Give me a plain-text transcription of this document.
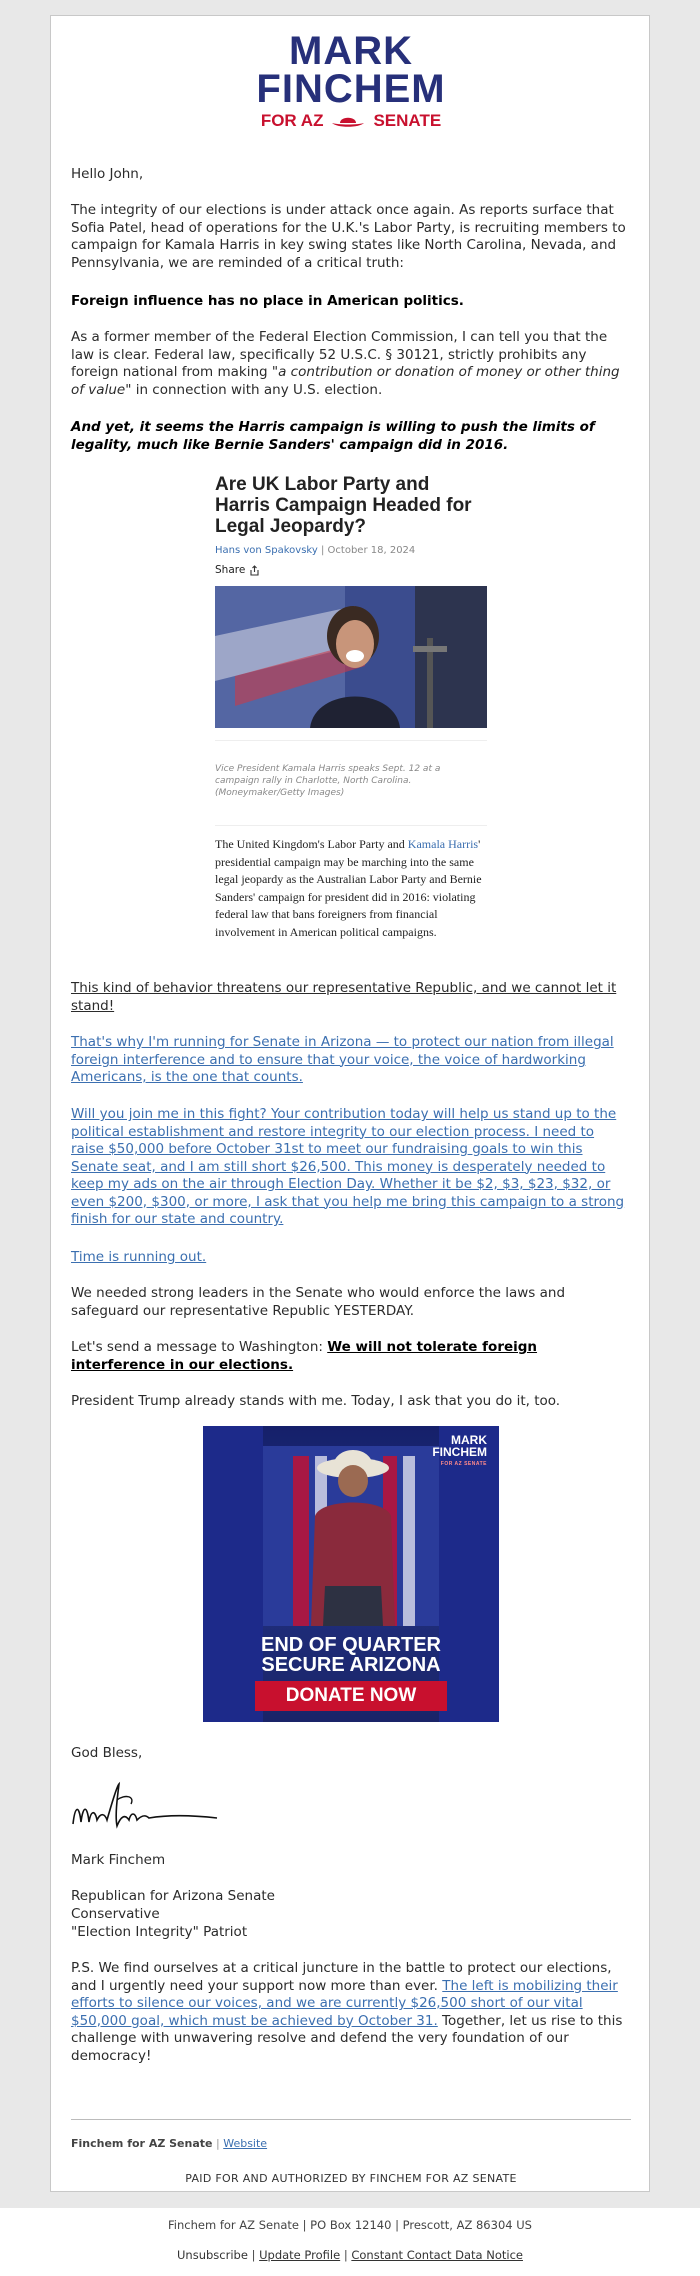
MARK
FINCHEM
FOR AZ	SENATE
Hello John,
The integrity of our elections is under attack once again. As reports surface that Sofia Patel, head of operations for the U.K.'s Labor Party, is recruiting members to campaign for Kamala Harris in key swing states like North Carolina, Nevada, and Pennsylvania, we are reminded of a critical truth:
Foreign influence has no place in American politics.
As a former member of the Federal Election Commission, I can tell you that the law is clear. Federal law, specifically 52 U.S.C. § 30121, strictly prohibits any foreign national from making "a contribution or donation of money or other thing of value" in connection with any U.S. election.
And yet, it seems the Harris campaign is willing to push the limits of legality, much like Bernie Sanders' campaign did in 2016.
Are UK Labor Party and Harris Campaign Headed for Legal Jeopardy?
Hans von Spakovsky | October 18, 2024
Share
Vice President Kamala Harris speaks Sept. 12 at a campaign rally in Charlotte, North Carolina. (Moneymaker/Getty Images)
The United Kingdom's Labor Party and Kamala Harris' presidential campaign may be marching into the same legal jeopardy as the Australian Labor Party and Bernie Sanders' campaign for president did in 2016: violating federal law that bans foreigners from financial involvement in American political campaigns.
This kind of behavior threatens our representative Republic, and we cannot let it stand!
That's why I'm running for Senate in Arizona — to protect our nation from illegal foreign interference and to ensure that your voice, the voice of hardworking Americans, is the one that counts.
Will you join me in this fight? Your contribution today will help us stand up to the political establishment and restore integrity to our election process. I need to raise $50,000 before October 31st to meet our fundraising goals to win this Senate seat, and I am still short $26,500. This money is desperately needed to keep my ads on the air through Election Day. Whether it be $2, $3, $23, $32, or even $200, $300, or more, I ask that you help me bring this campaign to a strong finish for our state and country.
Time is running out.
We needed strong leaders in the Senate who would enforce the laws and safeguard our representative Republic YESTERDAY.
Let's send a message to Washington: We will not tolerate foreign interference in our elections.
President Trump already stands with me. Today, I ask that you do it, too.
MARK
FINCHEM
FOR AZ SENATE
END OF QUARTER
SECURE ARIZONA
DONATE NOW
God Bless,
Mark Finchem
Republican for Arizona Senate
Conservative
"Election Integrity" Patriot
P.S. We find ourselves at a critical juncture in the battle to protect our elections, and I urgently need your support now more than ever. The left is mobilizing their efforts to silence our voices, and we are currently $26,500 short of our vital $50,000 goal, which must be achieved by October 31. Together, let us rise to this challenge with unwavering resolve and defend the very foundation of our democracy!
Finchem for AZ Senate | Website
PAID FOR AND AUTHORIZED BY FINCHEM FOR AZ SENATE
Finchem for AZ Senate | PO Box 12140 | Prescott, AZ 86304 US
Unsubscribe | Update Profile | Constant Contact Data Notice
